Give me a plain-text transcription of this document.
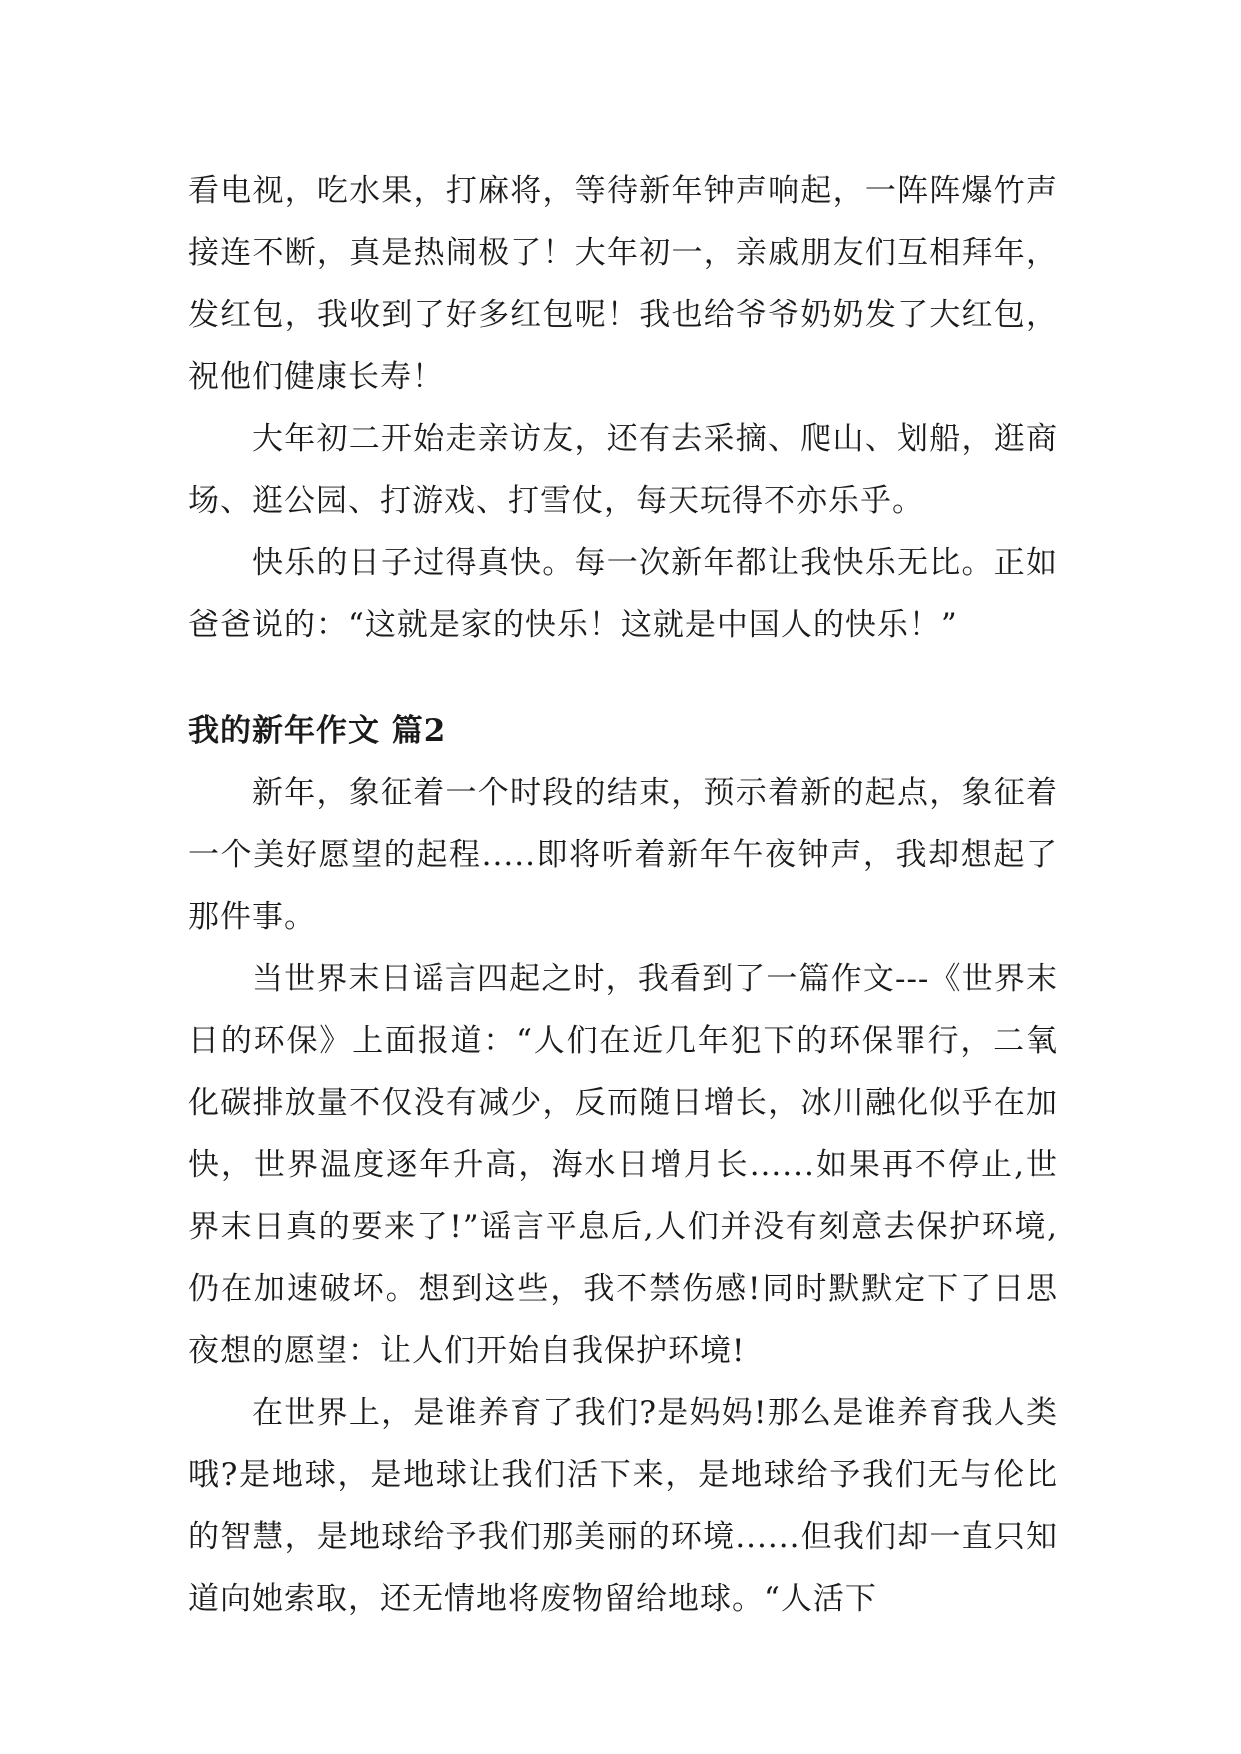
看电视，吃水果，打麻将，等待新年钟声响起，一阵阵爆竹声接连不断，真是热闹极了！大年初一，亲戚朋友们互相拜年，发红包，我收到了好多红包呢！我也给爷爷奶奶发了大红包，祝他们健康长寿！

大年初二开始走亲访友，还有去采摘、爬山、划船，逛商场、逛公园、打游戏、打雪仗，每天玩得不亦乐乎。

快乐的日子过得真快。每一次新年都让我快乐无比。正如爸爸说的：“这就是家的快乐！这就是中国人的快乐！”

我的新年作文 篇2

新年，象征着一个时段的结束，预示着新的起点，象征着一个美好愿望的起程.....即将听着新年午夜钟声，我却想起了那件事。

当世界末日谣言四起之时，我看到了一篇作文---《世界末日的环保》上面报道：“人们在近几年犯下的环保罪行，二氧化碳排放量不仅没有减少，反而随日增长，冰川融化似乎在加快，世界温度逐年升高，海水日增月长......如果再不停止,世界末日真的要来了!”谣言平息后,人们并没有刻意去保护环境,仍在加速破坏。想到这些，我不禁伤感!同时默默定下了日思夜想的愿望：让人们开始自我保护环境!

在世界上，是谁养育了我们?是妈妈!那么是谁养育我人类哦?是地球，是地球让我们活下来，是地球给予我们无与伦比的智慧，是地球给予我们那美丽的环境......但我们却一直只知道向她索取，还无情地将废物留给地球。“人活下
